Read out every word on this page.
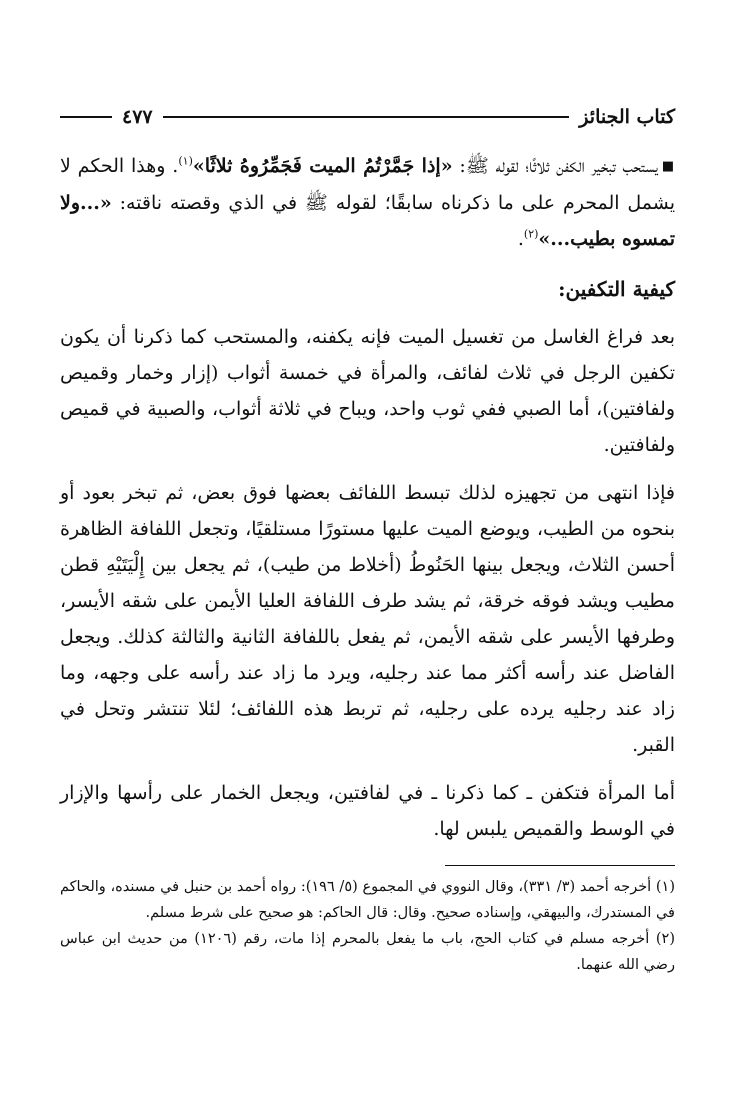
كتاب الجنائز
٤٧٧

■يستحب تبخير الكفن ثلاثًا؛ لقوله ﷺ: «إذا جَمَّرْتُمُ الميت فَجَمِّرُوهُ ثلاثًا»$^{(١)}$. وهذا الحكم لا يشمل المحرم على ما ذكرناه سابقًا؛ لقوله ﷺ في الذي وقصته ناقته: «...ولا تمسوه بطيب...»$^{(٢)}$.

كيفية التكفين:

بعد فراغ الغاسل من تغسيل الميت فإنه يكفنه، والمستحب كما ذكرنا أن يكون تكفين الرجل في ثلاث لفائف، والمرأة في خمسة أثواب (إزار وخمار وقميص ولفافتين)، أما الصبي ففي ثوب واحد، ويباح في ثلاثة أثواب، والصبية في قميص ولفافتين.

فإذا انتهى من تجهيزه لذلك تبسط اللفائف بعضها فوق بعض، ثم تبخر بعود أو بنحوه من الطيب، ويوضع الميت عليها مستورًا مستلقيًا، وتجعل اللفافة الظاهرة أحسن الثلاث، ويجعل بينها الحَنُوطُ (أخلاط من طيب)، ثم يجعل بين إِلْيَتَيْهِ قطن مطيب ويشد فوقه خرقة، ثم يشد طرف اللفافة العليا الأيمن على شقه الأيسر، وطرفها الأيسر على شقه الأيمن، ثم يفعل باللفافة الثانية والثالثة كذلك. ويجعل الفاضل عند رأسه أكثر مما عند رجليه، ويرد ما زاد عند رأسه على وجهه، وما زاد عند رجليه يرده على رجليه، ثم تربط هذه اللفائف؛ لئلا تنتشر وتحل في القبر.

أما المرأة فتكفن ـ كما ذكرنا ـ في لفافتين، ويجعل الخمار على رأسها والإزار في الوسط والقميص يلبس لها.

(١) أخرجه أحمد (٣/ ٣٣١)، وقال النووي في المجموع (٥/ ١٩٦): رواه أحمد بن حنبل في مسنده، والحاكم في المستدرك، والبيهقي، وإسناده صحيح. وقال: قال الحاكم: هو صحيح على شرط مسلم.

(٢) أخرجه مسلم في كتاب الحج، باب ما يفعل بالمحرم إذا مات، رقم (١٢٠٦) من حديث ابن عباس رضي الله عنهما.
